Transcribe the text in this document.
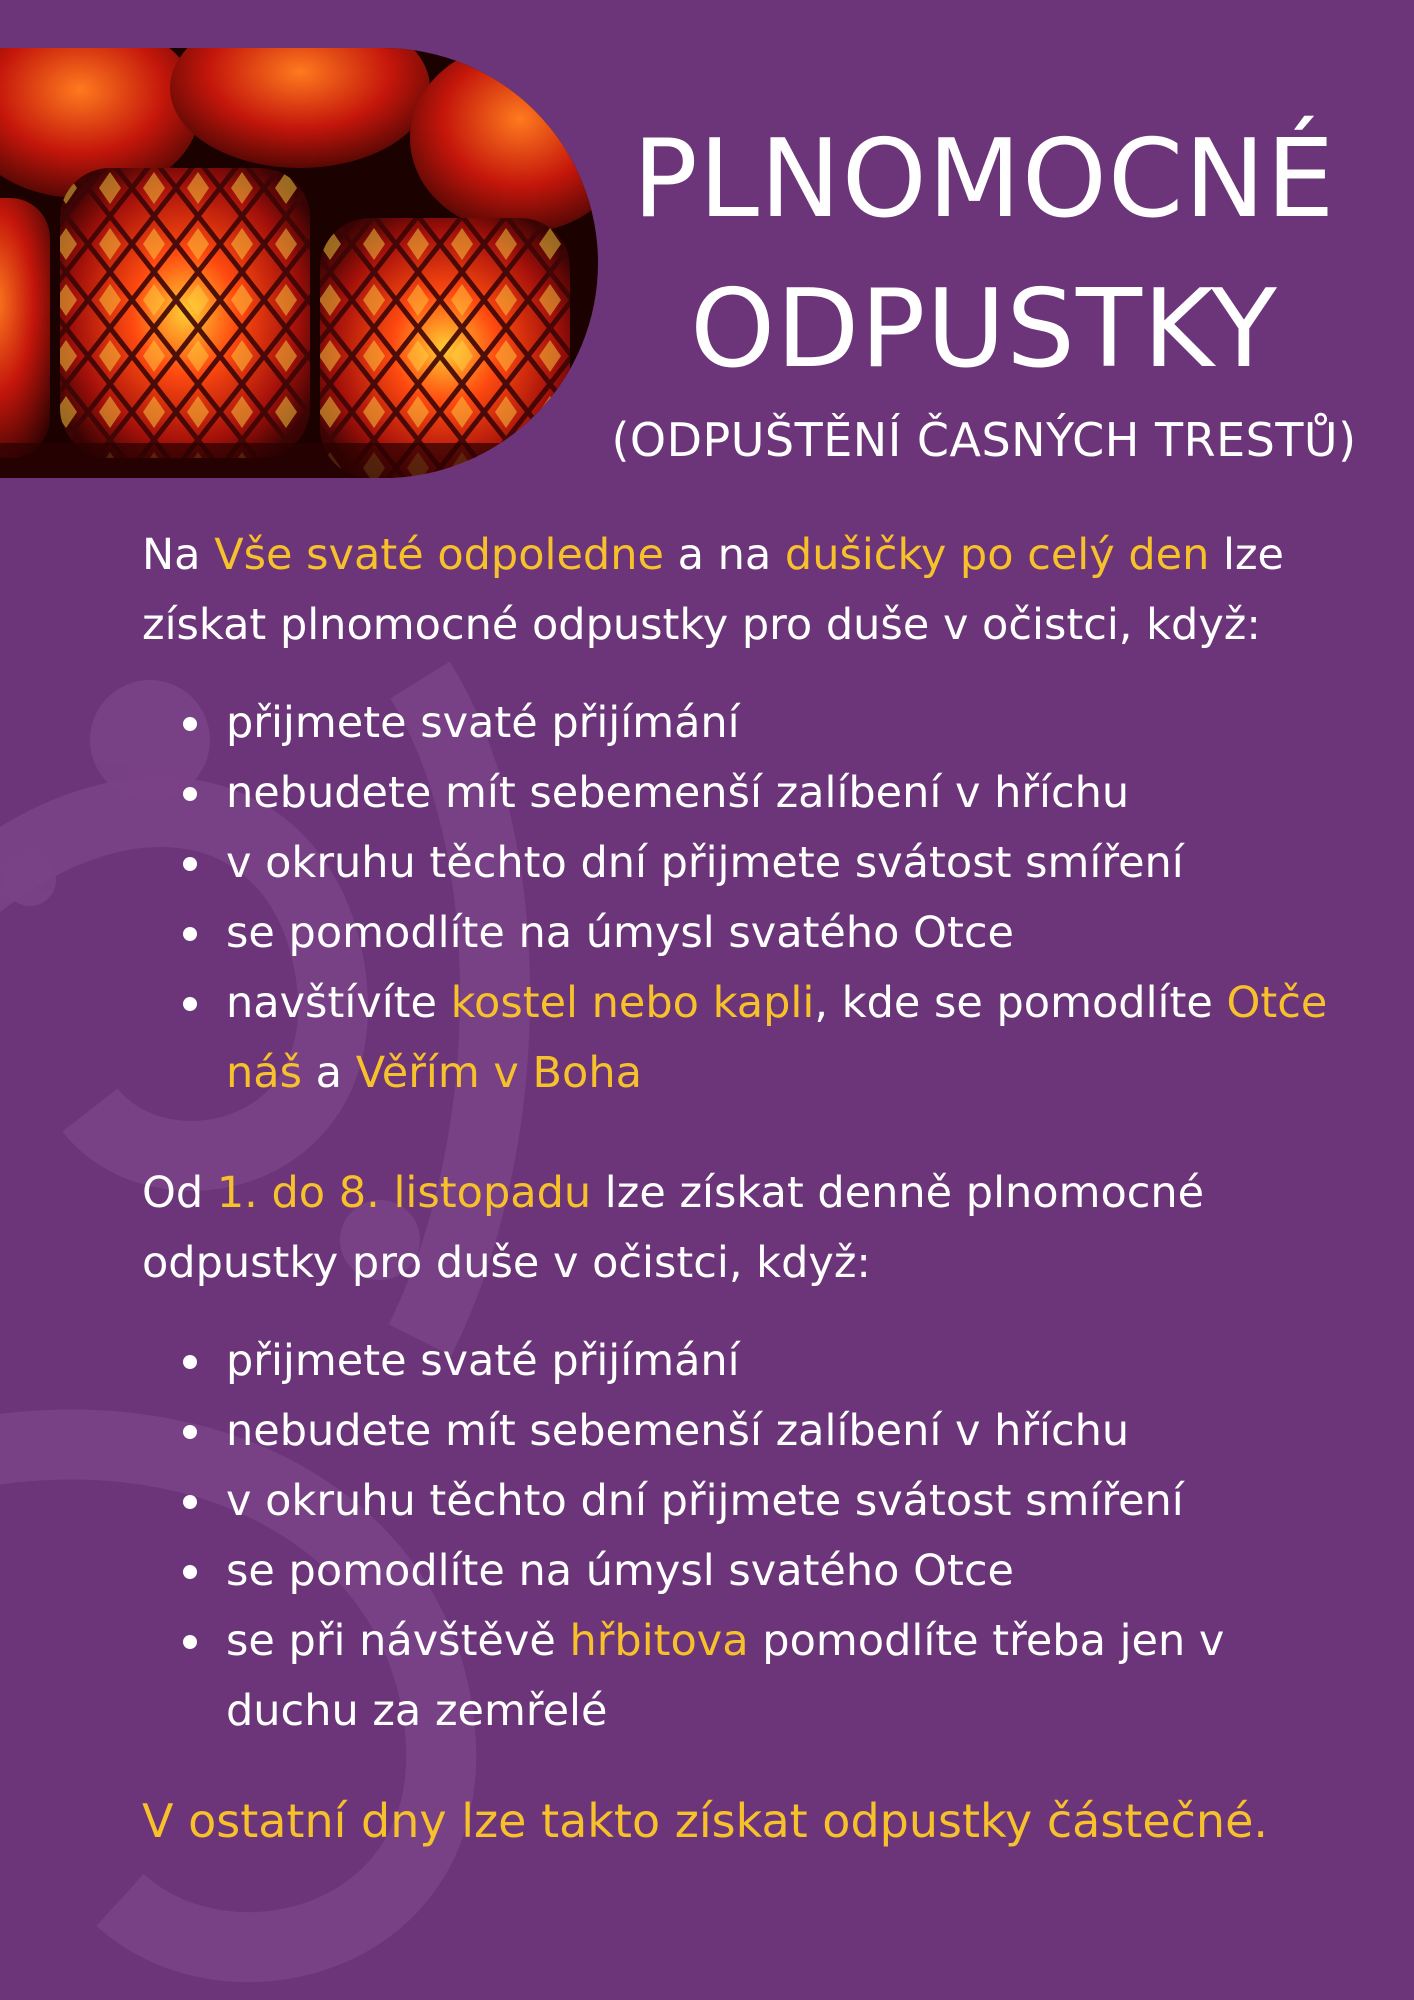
PLNOMOCNÉ
ODPUSTKY
(ODPUŠTĚNÍ ČASNÝCH TRESTŮ)

Na Vše svaté odpoledne a na dušičky po celý den lze získat plnomocné odpustky pro duše v očistci, když:

přijmete svaté přijímání
nebudete mít sebemenší zalíbení v hříchu
v okruhu těchto dní přijmete svátost smíření
se pomodlíte na úmysl svatého Otce
navštívíte kostel nebo kapli, kde se pomodlíte Otče náš a Věřím v Boha

Od 1. do 8. listopadu lze získat denně plnomocné odpustky pro duše v očistci, když:

přijmete svaté přijímání
nebudete mít sebemenší zalíbení v hříchu
v okruhu těchto dní přijmete svátost smíření
se pomodlíte na úmysl svatého Otce
se při návštěvě hřbitova pomodlíte třeba jen v duchu za zemřelé

V ostatní dny lze takto získat odpustky částečné.
